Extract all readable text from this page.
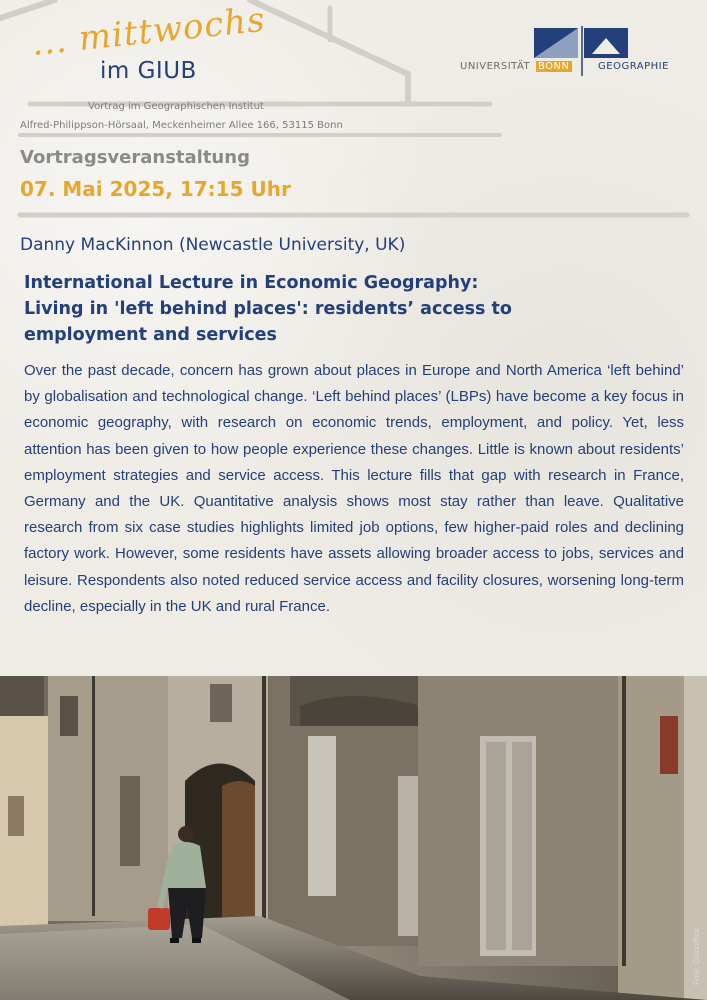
... mittwochs
im GIUB
Vortrag im Geographischen Institut
Alfred-Philippson-Hörsaal, Meckenheimer Allee 166, 53115 Bonn
UNIVERSITÄT BONN	GEOGRAPHIE
Vortragsveranstaltung
07. Mai 2025, 17:15 Uhr
Danny MacKinnon (Newcastle University, UK)
International Lecture in Economic Geography:
Living in 'left behind places': residents’ access to
employment and services
Over the past decade, concern has grown about places in Europe and North America ‘left behind’ by globalisation and technological change. ‘Left behind places’ (LBPs) have become a key focus in economic geography, with research on economic trends, employment, and policy. Yet, less attention has been given to how people experience these changes. Little is known about residents’ employment strategies and service access. This lecture fills that gap with research in France, Germany and the UK. Quantitative analysis shows most stay rather than leave. Qualitative research from six case studies highlights limited job options, few higher-paid roles and declining factory work. However, some residents have assets allowing broader access to jobs, services and leisure. Respondents also noted reduced service access and facility closures, worsening long-term decline, especially in the UK and rural France.
Foto: Colourbox
